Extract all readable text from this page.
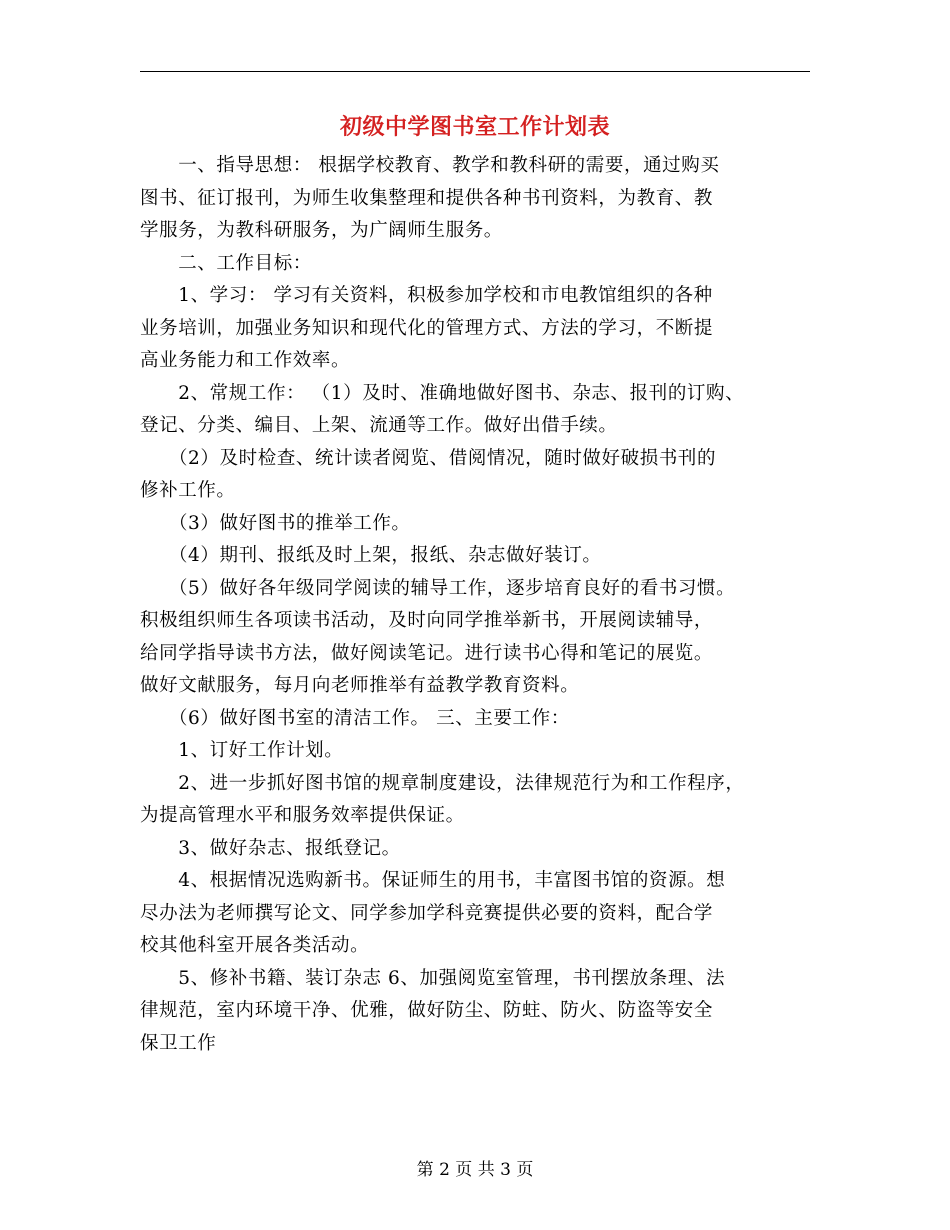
初级中学图书室工作计划表
　　一、指导思想： 根据学校教育、教学和教科研的需要，通过购买
图书、征订报刊，为师生收集整理和提供各种书刊资料，为教育、教
学服务，为教科研服务，为广阔师生服务。
　　二、工作目标：
　　1、学习： 学习有关资料，积极参加学校和市电教馆组织的各种
业务培训，加强业务知识和现代化的管理方式、方法的学习，不断提
高业务能力和工作效率。
　　2、常规工作： （1）及时、准确地做好图书、杂志、报刊的订购、
登记、分类、编目、上架、流通等工作。做好出借手续。
　　（2）及时检查、统计读者阅览、借阅情况，随时做好破损书刊的
修补工作。
　　（3）做好图书的推举工作。
　　（4）期刊、报纸及时上架，报纸、杂志做好装订。
　　（5）做好各年级同学阅读的辅导工作，逐步培育良好的看书习惯。
积极组织师生各项读书活动，及时向同学推举新书，开展阅读辅导，
给同学指导读书方法，做好阅读笔记。进行读书心得和笔记的展览。
做好文献服务，每月向老师推举有益教学教育资料。
　　（6）做好图书室的清洁工作。 三、主要工作：
　　1、订好工作计划。
　　2、进一步抓好图书馆的规章制度建设，法律规范行为和工作程序，
为提高管理水平和服务效率提供保证。
　　3、做好杂志、报纸登记。
　　4、根据情况选购新书。保证师生的用书，丰富图书馆的资源。想
尽办法为老师撰写论文、同学参加学科竞赛提供必要的资料，配合学
校其他科室开展各类活动。
　　5、修补书籍、装订杂志 6、加强阅览室管理，书刊摆放条理、法
律规范，室内环境干净、优雅，做好防尘、防蛀、防火、防盗等安全
保卫工作
第 2 页 共 3 页
